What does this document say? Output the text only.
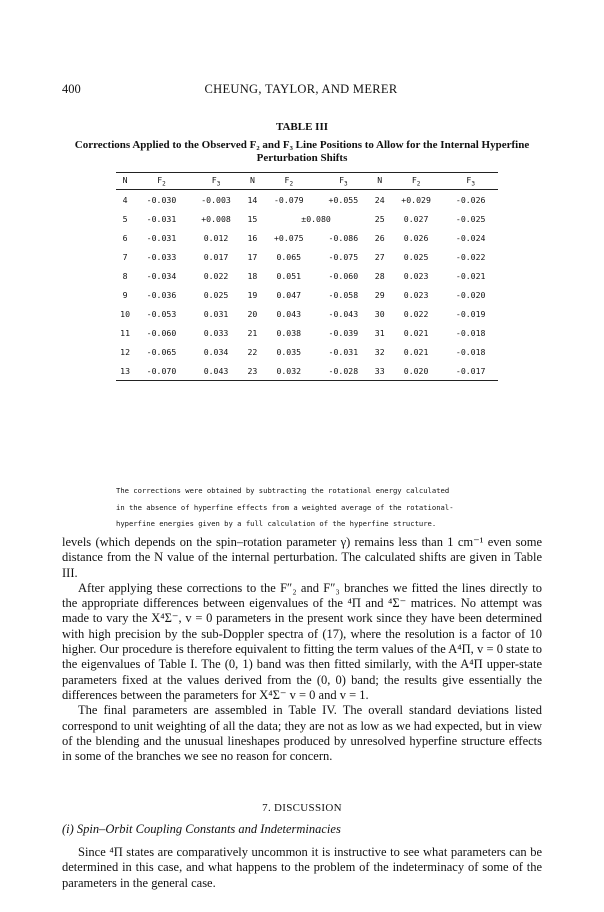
400	CHEUNG, TAYLOR, AND MERER
TABLE III
Corrections Applied to the Observed F₂ and F₃ Line Positions to Allow for the Internal Hyperfine
Perturbation Shifts
N	$F_2$	$F_3$	N	$F_2$	$F_3$	N	$F_2$	$F_3$
4	-0.030	-0.003	14	-0.079	+0.055	24	+0.029	-0.026
5	-0.031	+0.008	15	±0.080		25	0.027	-0.025
6	-0.031	0.012	16	+0.075	-0.086	26	0.026	-0.024
7	-0.033	0.017	17	0.065	-0.075	27	0.025	-0.022
8	-0.034	0.022	18	0.051	-0.060	28	0.023	-0.021
9	-0.036	0.025	19	0.047	-0.058	29	0.023	-0.020
10	-0.053	0.031	20	0.043	-0.043	30	0.022	-0.019
11	-0.060	0.033	21	0.038	-0.039	31	0.021	-0.018
12	-0.065	0.034	22	0.035	-0.031	32	0.021	-0.018
13	-0.070	0.043	23	0.032	-0.028	33	0.020	-0.017
The corrections were obtained by subtracting the rotational energy calculated
in the absence of hyperfine effects from a weighted average of the rotational-
hyperfine energies given by a full calculation of the hyperfine structure.

levels (which depends on the spin–rotation parameter γ) remains less than 1 cm⁻¹ even some distance from the N value of the internal perturbation. The calculated shifts are given in Table III.

After applying these corrections to the F″₂ and F″₃ branches we fitted the lines directly to the appropriate differences between eigenvalues of the ⁴Π and ⁴Σ⁻ matrices. No attempt was made to vary the X⁴Σ⁻, v = 0 parameters in the present work since they have been determined with high precision by the sub-Doppler spectra of (17), where the resolution is a factor of 10 higher. Our procedure is therefore equivalent to fitting the term values of the A⁴Π, v = 0 state to the eigenvalues of Table I. The (0, 1) band was then fitted similarly, with the A⁴Π upper-state parameters fixed at the values derived from the (0, 0) band; the results give essentially the differences between the parameters for X⁴Σ⁻ v = 0 and v = 1.

The final parameters are assembled in Table IV. The overall standard deviations listed correspond to unit weighting of all the data; they are not as low as we had expected, but in view of the blending and the unusual lineshapes produced by unresolved hyperfine structure effects in some of the branches we see no reason for concern.

7. DISCUSSION
(i) Spin–Orbit Coupling Constants and Indeterminacies

Since ⁴Π states are comparatively uncommon it is instructive to see what parameters can be determined in this case, and what happens to the problem of the indeterminacy of some of the parameters in the general case.
